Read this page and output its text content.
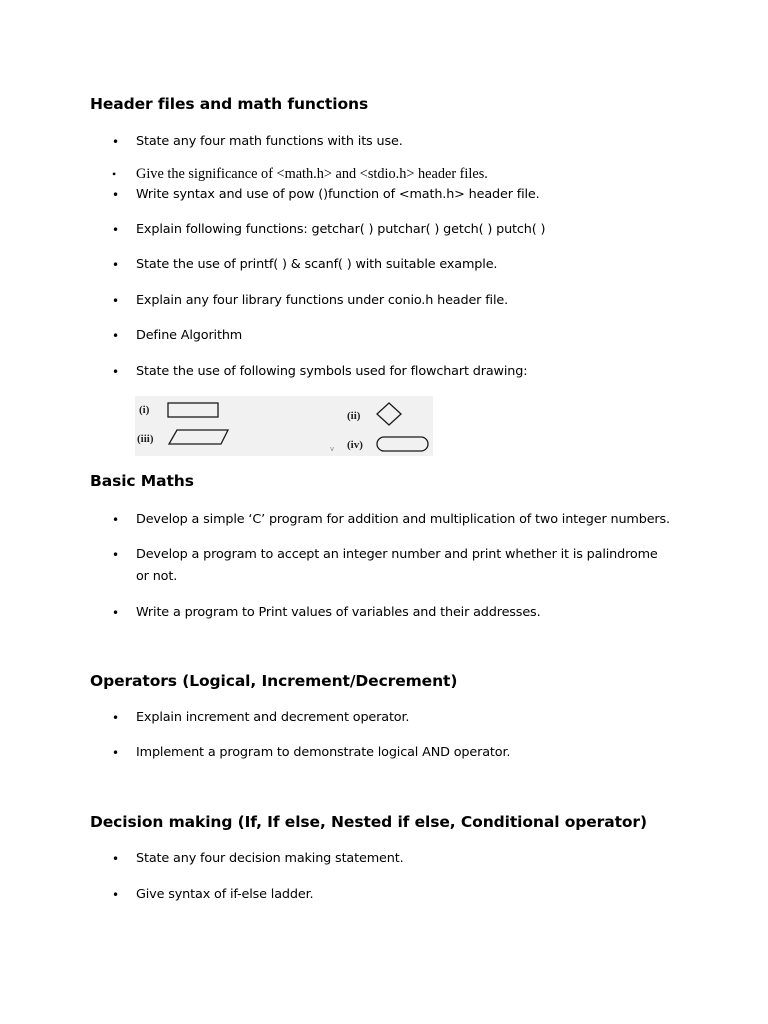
Header files and math functions
•	State any four math functions with its use.
•	Give the significance of <math.h> and <stdio.h> header files.
•	Write syntax and use of pow ()function of <math.h> header file.
•	Explain following functions: getchar( ) putchar( ) getch( ) putch( )
•	State the use of printf( ) & scanf( ) with suitable example.
•	Explain any four library functions under conio.h header file.
•	Define Algorithm
•	State the use of following symbols used for flowchart drawing:
(i)	(ii)
(iii)	(iv)
v
Basic Maths
•	Develop a simple ‘C’ program for addition and multiplication of two integer numbers.
•	Develop a program to accept an integer number and print whether it is palindrome or not.
•	Write a program to Print values of variables and their addresses.
Operators (Logical, Increment/Decrement)
•	Explain increment and decrement operator.
•	Implement a program to demonstrate logical AND operator.
Decision making (If, If else, Nested if else, Conditional operator)
•	State any four decision making statement.
•	Give syntax of if-else ladder.
